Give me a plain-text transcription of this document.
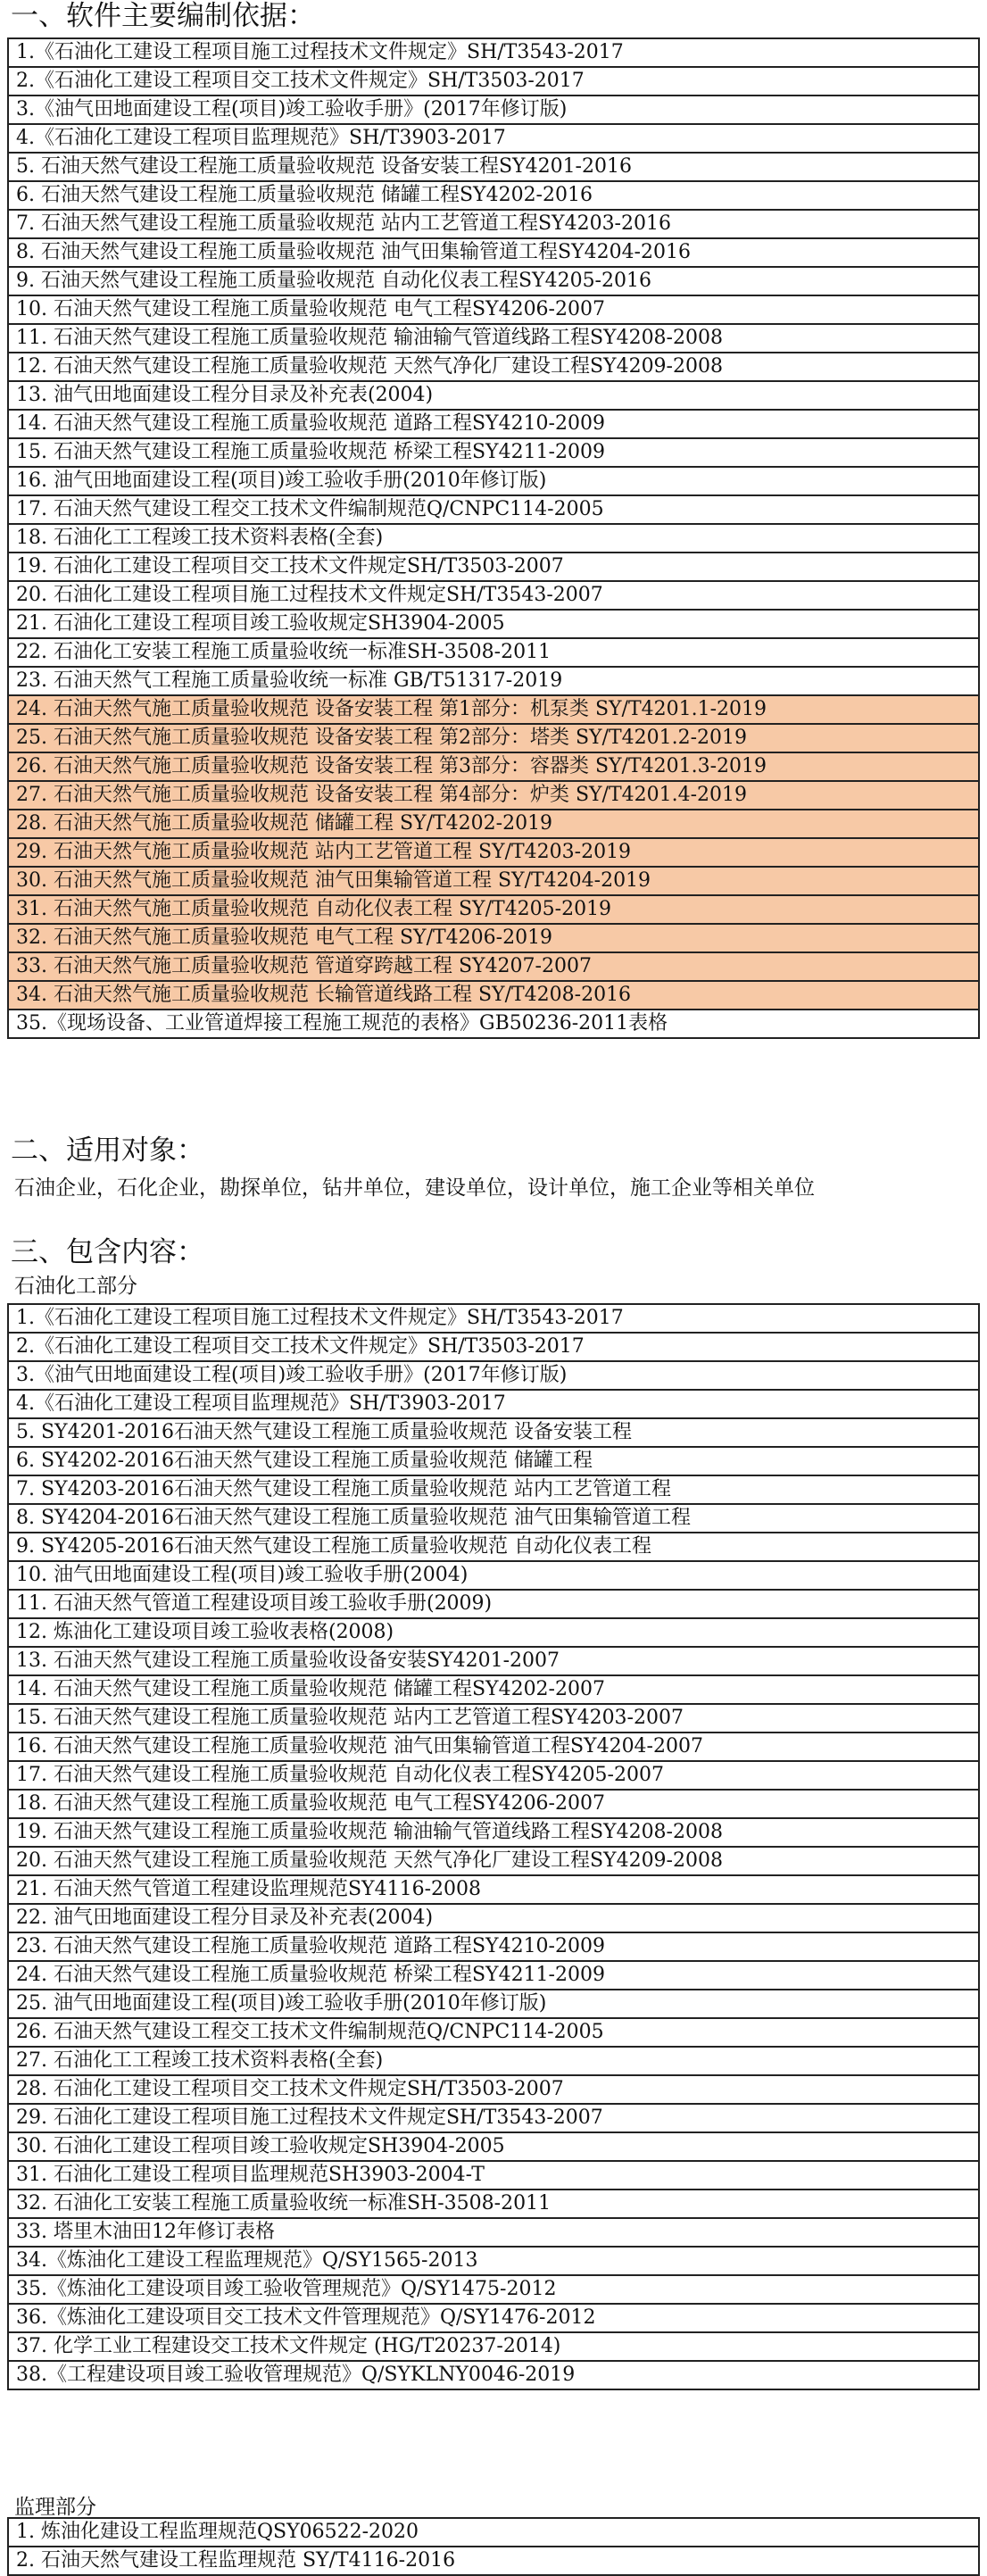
一、软件主要编制依据：
1.《石油化工建设工程项目施工过程技术文件规定》SH/T3543-2017
2.《石油化工建设工程项目交工技术文件规定》SH/T3503-2017
3.《油气田地面建设工程(项目)竣工验收手册》(2017年修订版)
4.《石油化工建设工程项目监理规范》SH/T3903-2017
5. 石油天然气建设工程施工质量验收规范 设备安装工程SY4201-2016
6. 石油天然气建设工程施工质量验收规范 储罐工程SY4202-2016
7. 石油天然气建设工程施工质量验收规范 站内工艺管道工程SY4203-2016
8. 石油天然气建设工程施工质量验收规范 油气田集输管道工程SY4204-2016
9. 石油天然气建设工程施工质量验收规范 自动化仪表工程SY4205-2016
10. 石油天然气建设工程施工质量验收规范 电气工程SY4206-2007
11. 石油天然气建设工程施工质量验收规范 输油输气管道线路工程SY4208-2008
12. 石油天然气建设工程施工质量验收规范 天然气净化厂建设工程SY4209-2008
13. 油气田地面建设工程分目录及补充表(2004)
14. 石油天然气建设工程施工质量验收规范 道路工程SY4210-2009
15. 石油天然气建设工程施工质量验收规范 桥梁工程SY4211-2009
16. 油气田地面建设工程(项目)竣工验收手册(2010年修订版)
17. 石油天然气建设工程交工技术文件编制规范Q/CNPC114-2005
18. 石油化工工程竣工技术资料表格(全套)
19. 石油化工建设工程项目交工技术文件规定SH/T3503-2007
20. 石油化工建设工程项目施工过程技术文件规定SH/T3543-2007
21. 石油化工建设工程项目竣工验收规定SH3904-2005
22. 石油化工安装工程施工质量验收统一标准SH-3508-2011
23. 石油天然气工程施工质量验收统一标准 GB/T51317-2019
24. 石油天然气施工质量验收规范 设备安装工程 第1部分：机泵类 SY/T4201.1-2019
25. 石油天然气施工质量验收规范 设备安装工程 第2部分：塔类 SY/T4201.2-2019
26. 石油天然气施工质量验收规范 设备安装工程 第3部分：容器类 SY/T4201.3-2019
27. 石油天然气施工质量验收规范 设备安装工程 第4部分：炉类 SY/T4201.4-2019
28. 石油天然气施工质量验收规范 储罐工程 SY/T4202-2019
29. 石油天然气施工质量验收规范 站内工艺管道工程 SY/T4203-2019
30. 石油天然气施工质量验收规范 油气田集输管道工程 SY/T4204-2019
31. 石油天然气施工质量验收规范 自动化仪表工程 SY/T4205-2019
32. 石油天然气施工质量验收规范 电气工程 SY/T4206-2019
33. 石油天然气施工质量验收规范 管道穿跨越工程 SY4207-2007
34. 石油天然气施工质量验收规范 长输管道线路工程 SY/T4208-2016
35.《现场设备、工业管道焊接工程施工规范的表格》GB50236-2011表格
二、适用对象：
石油企业，石化企业，勘探单位，钻井单位，建设单位，设计单位，施工企业等相关单位
三、包含内容：
石油化工部分
1.《石油化工建设工程项目施工过程技术文件规定》SH/T3543-2017
2.《石油化工建设工程项目交工技术文件规定》SH/T3503-2017
3.《油气田地面建设工程(项目)竣工验收手册》(2017年修订版)
4.《石油化工建设工程项目监理规范》SH/T3903-2017
5. SY4201-2016石油天然气建设工程施工质量验收规范 设备安装工程
6. SY4202-2016石油天然气建设工程施工质量验收规范 储罐工程
7. SY4203-2016石油天然气建设工程施工质量验收规范 站内工艺管道工程
8. SY4204-2016石油天然气建设工程施工质量验收规范 油气田集输管道工程
9. SY4205-2016石油天然气建设工程施工质量验收规范 自动化仪表工程
10. 油气田地面建设工程(项目)竣工验收手册(2004)
11. 石油天然气管道工程建设项目竣工验收手册(2009)
12. 炼油化工建设项目竣工验收表格(2008)
13. 石油天然气建设工程施工质量验收设备安装SY4201-2007
14. 石油天然气建设工程施工质量验收规范 储罐工程SY4202-2007
15. 石油天然气建设工程施工质量验收规范 站内工艺管道工程SY4203-2007
16. 石油天然气建设工程施工质量验收规范 油气田集输管道工程SY4204-2007
17. 石油天然气建设工程施工质量验收规范 自动化仪表工程SY4205-2007
18. 石油天然气建设工程施工质量验收规范 电气工程SY4206-2007
19. 石油天然气建设工程施工质量验收规范 输油输气管道线路工程SY4208-2008
20. 石油天然气建设工程施工质量验收规范 天然气净化厂建设工程SY4209-2008
21. 石油天然气管道工程建设监理规范SY4116-2008
22. 油气田地面建设工程分目录及补充表(2004)
23. 石油天然气建设工程施工质量验收规范 道路工程SY4210-2009
24. 石油天然气建设工程施工质量验收规范 桥梁工程SY4211-2009
25. 油气田地面建设工程(项目)竣工验收手册(2010年修订版)
26. 石油天然气建设工程交工技术文件编制规范Q/CNPC114-2005
27. 石油化工工程竣工技术资料表格(全套)
28. 石油化工建设工程项目交工技术文件规定SH/T3503-2007
29. 石油化工建设工程项目施工过程技术文件规定SH/T3543-2007
30. 石油化工建设工程项目竣工验收规定SH3904-2005
31. 石油化工建设工程项目监理规范SH3903-2004-T
32. 石油化工安装工程施工质量验收统一标准SH-3508-2011
33. 塔里木油田12年修订表格
34.《炼油化工建设工程监理规范》Q/SY1565-2013
35.《炼油化工建设项目竣工验收管理规范》Q/SY1475-2012
36.《炼油化工建设项目交工技术文件管理规范》Q/SY1476-2012
37. 化学工业工程建设交工技术文件规定 (HG/T20237-2014)
38.《工程建设项目竣工验收管理规范》Q/SYKLNY0046-2019
监理部分
1. 炼油化建设工程监理规范QSY06522-2020
2. 石油天然气建设工程监理规范 SY/T4116-2016
